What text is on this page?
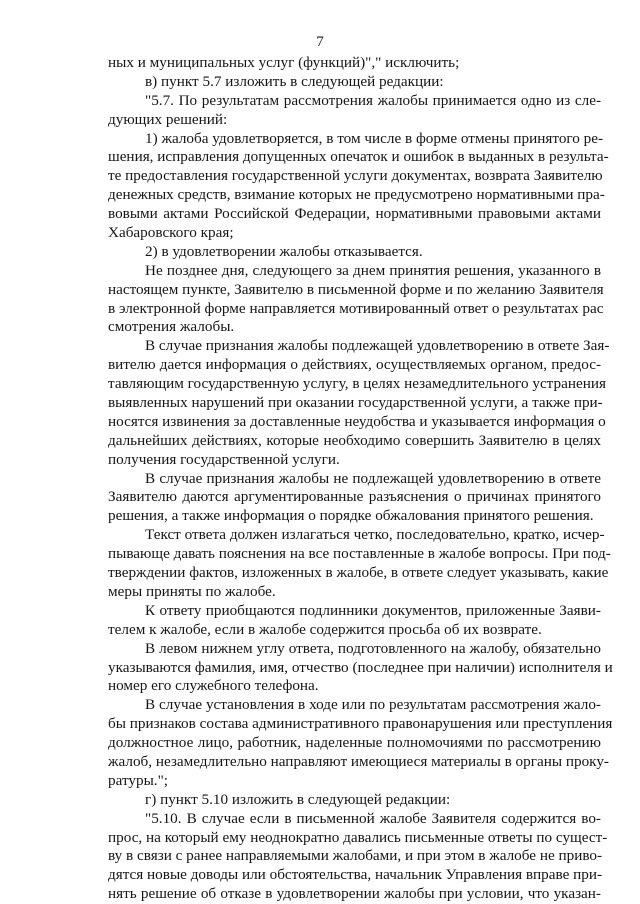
7
ных и муниципальных услуг (функций)"," исключить;
в) пункт 5.7 изложить в следующей редакции:
"5.7. По результатам рассмотрения жалобы принимается одно из сле-
дующих решений:
1) жалоба удовлетворяется, в том числе в форме отмены принятого ре-
шения, исправления допущенных опечаток и ошибок в выданных в результа-
те предоставления государственной услуги документах, возврата Заявителю
денежных средств, взимание которых не предусмотрено нормативными пра-
вовыми актами Российской Федерации, нормативными правовыми актами
Хабаровского края;
2) в удовлетворении жалобы отказывается.
Не позднее дня, следующего за днем принятия решения, указанного в
настоящем пункте, Заявителю в письменной форме и по желанию Заявителя
в электронной форме направляется мотивированный ответ о результатах рас
смотрения жалобы.
В случае признания жалобы подлежащей удовлетворению в ответе Зая-
вителю дается информация о действиях, осуществляемых органом, предос-
тавляющим государственную услугу, в целях незамедлительного устранения
выявленных нарушений при оказании государственной услуги, а также при-
носятся извинения за доставленные неудобства и указывается информация о
дальнейших действиях, которые необходимо совершить Заявителю в целях
получения государственной услуги.
В случае признания жалобы не подлежащей удовлетворению в ответе
Заявителю даются аргументированные разъяснения о причинах принятого
решения, а также информация о порядке обжалования принятого решения.
Текст ответа должен излагаться четко, последовательно, кратко, исчер-
пывающе давать пояснения на все поставленные в жалобе вопросы. При под-
тверждении фактов, изложенных в жалобе, в ответе следует указывать, какие
меры приняты по жалобе.
К ответу приобщаются подлинники документов, приложенные Заяви-
телем к жалобе, если в жалобе содержится просьба об их возврате.
В левом нижнем углу ответа, подготовленного на жалобу, обязательно
указываются фамилия, имя, отчество (последнее при наличии) исполнителя и
номер его служебного телефона.
В случае установления в ходе или по результатам рассмотрения жало-
бы признаков состава административного правонарушения или преступления
должностное лицо, работник, наделенные полномочиями по рассмотрению
жалоб, незамедлительно направляют имеющиеся материалы в органы проку-
ратуры.";
г) пункт 5.10 изложить в следующей редакции:
"5.10. В случае если в письменной жалобе Заявителя содержится во-
прос, на который ему неоднократно давались письменные ответы по сущест-
ву в связи с ранее направляемыми жалобами, и при этом в жалобе не приво-
дятся новые доводы или обстоятельства, начальник Управления вправе при-
нять решение об отказе в удовлетворении жалобы при условии, что указан-
